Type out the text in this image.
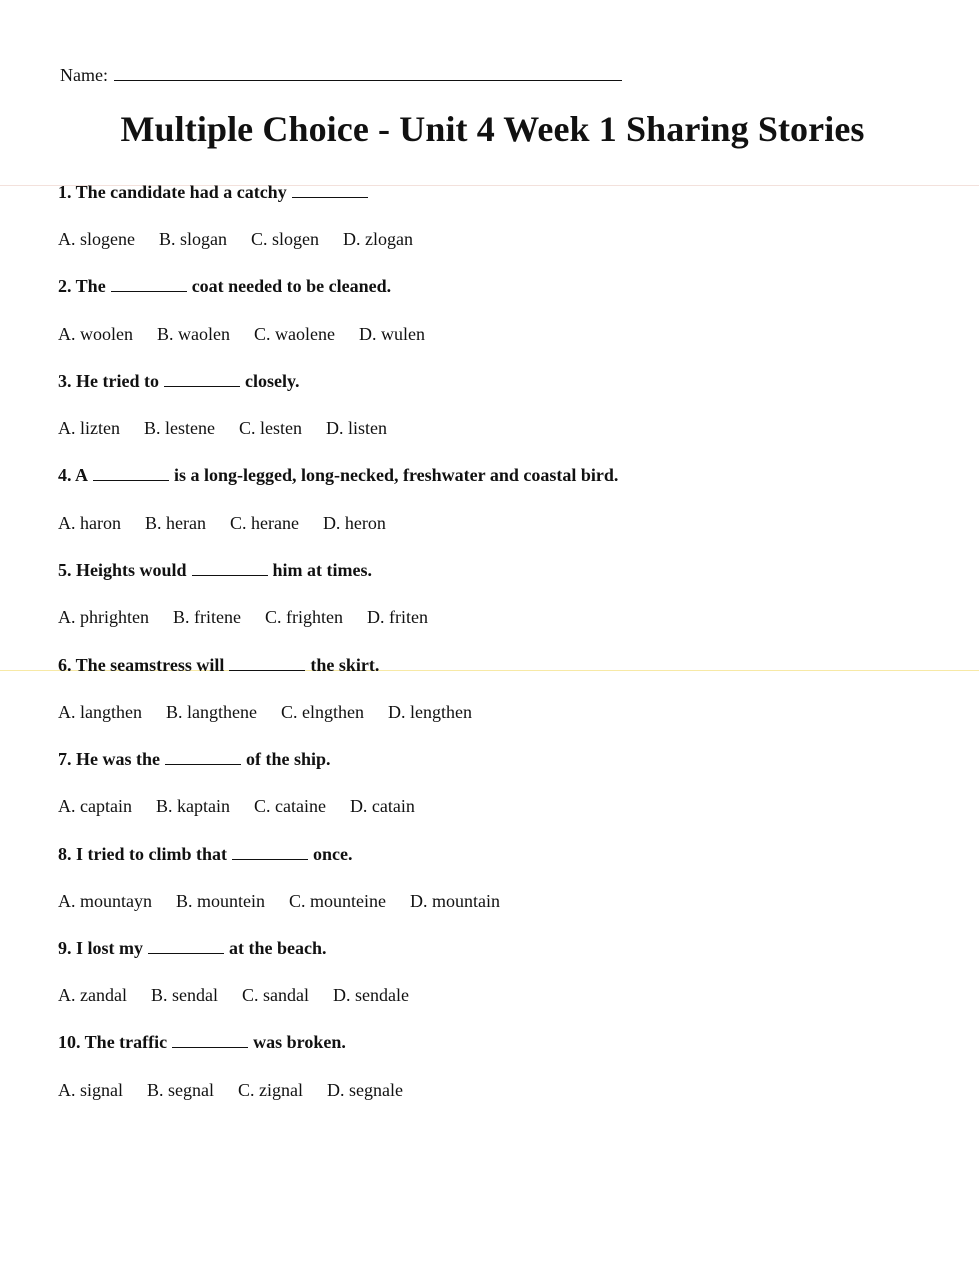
Name:
Multiple Choice - Unit 4 Week 1 Sharing Stories
1. The candidate had a catchy
A. slogene B. slogan C. slogen D. zlogan
2. The	coat needed to be cleaned.
A. woolen B. waolen C. waolene D. wulen
3. He tried to	closely.
A. lizten B. lestene C. lesten D. listen
4. A	is a long-legged, long-necked, freshwater and coastal bird.
A. haron B. heran C. herane D. heron
5. Heights would	him at times.
A. phrighten B. fritene C. frighten D. friten
6. The seamstress will	the skirt.
A. langthen B. langthene C. elngthen D. lengthen
7. He was the	of the ship.
A. captain B. kaptain C. cataine D. catain
8. I tried to climb that	once.
A. mountayn B. mountein C. mounteine D. mountain
9. I lost my	at the beach.
A. zandal B. sendal C. sandal D. sendale
10. The traffic	was broken.
A. signal B. segnal C. zignal D. segnale
